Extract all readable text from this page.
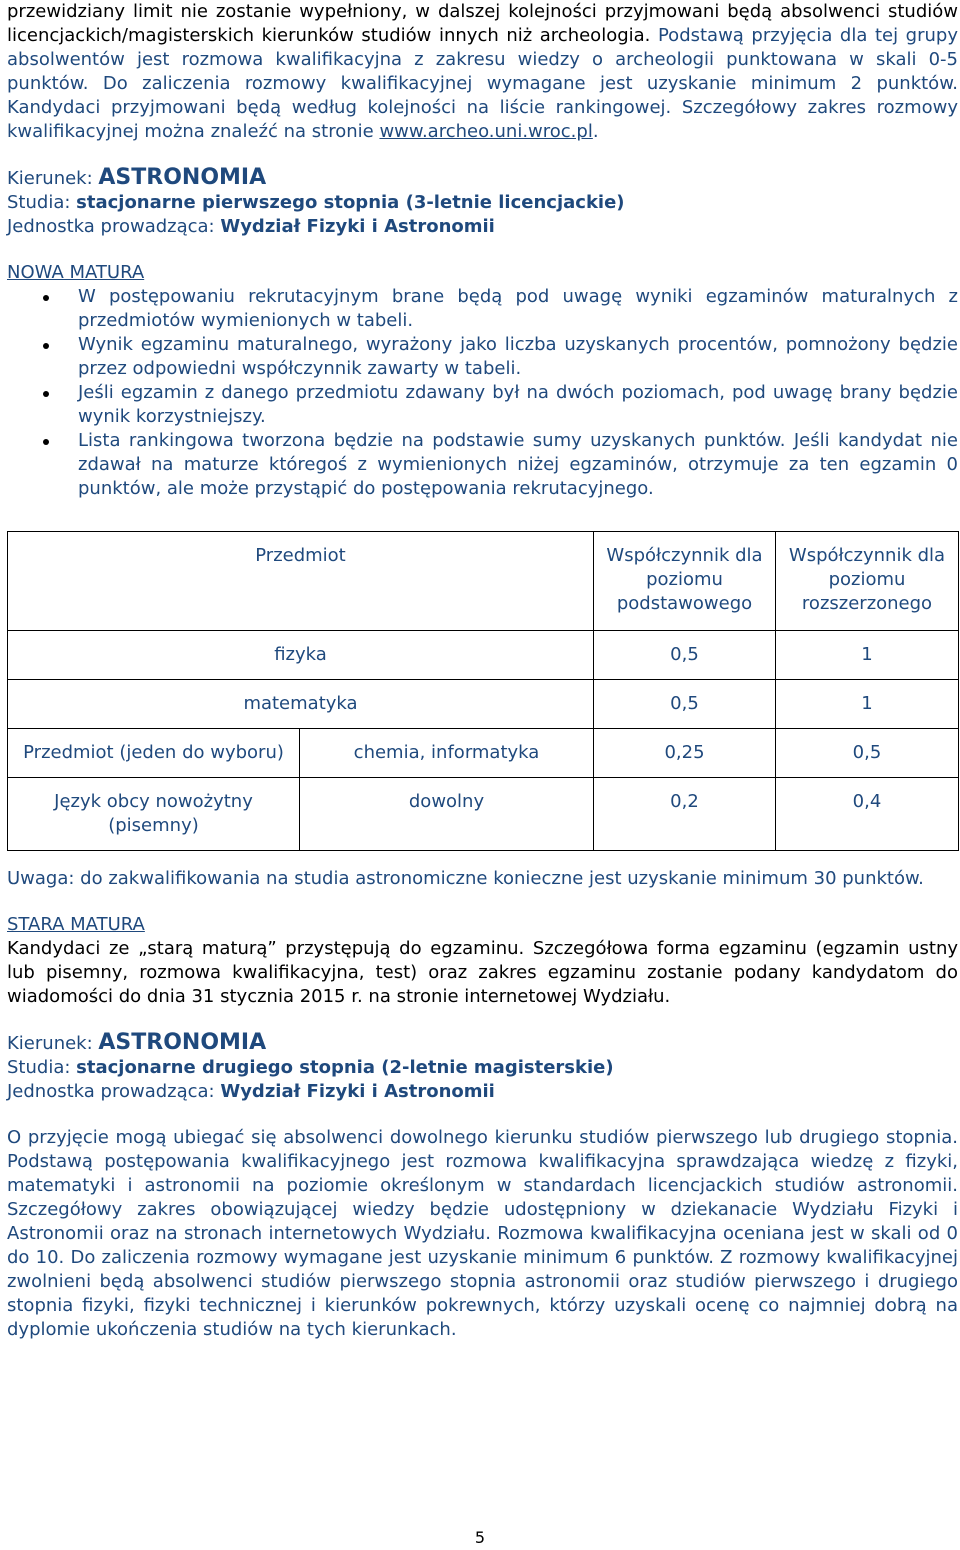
przewidziany limit nie zostanie wypełniony, w dalszej kolejności przyjmowani będą absolwenci studiów licencjackich/magisterskich kierunków studiów innych niż archeologia. Podstawą przyjęcia dla tej grupy absolwentów jest rozmowa kwalifikacyjna z zakresu wiedzy o archeologii punktowana w skali 0-5 punktów. Do zaliczenia rozmowy kwalifikacyjnej wymagane jest uzyskanie minimum 2 punktów. Kandydaci przyjmowani będą według kolejności na liście rankingowej. Szczegółowy zakres rozmowy kwalifikacyjnej można znaleźć na stronie www.archeo.uni.wroc.pl.

Kierunek: ASTRONOMIA
Studia: stacjonarne pierwszego stopnia (3-letnie licencjackie)
Jednostka prowadząca: Wydział Fizyki i Astronomii
NOWA MATURA
W postępowaniu rekrutacyjnym brane będą pod uwagę wyniki egzaminów maturalnych z przedmiotów wymienionych w tabeli.
Wynik egzaminu maturalnego, wyrażony jako liczba uzyskanych procentów, pomnożony będzie przez odpowiedni współczynnik zawarty w tabeli.
Jeśli egzamin z danego przedmiotu zdawany był na dwóch poziomach, pod uwagę brany będzie wynik korzystniejszy.
Lista rankingowa tworzona będzie na podstawie sumy uzyskanych punktów. Jeśli kandydat nie zdawał na maturze któregoś z wymienionych niżej egzaminów, otrzymuje za ten egzamin 0 punktów, ale może przystąpić do postępowania rekrutacyjnego.
Przedmiot		Współczynnik dla poziomu podstawowego	Współczynnik dla poziomu rozszerzonego
fizyka		0,5	1
matematyka		0,5	1
Przedmiot (jeden do wyboru)	chemia, informatyka	0,25	0,5
Język obcy nowożytny (pisemny)	dowolny	0,2	0,4

Uwaga: do zakwalifikowania na studia astronomiczne konieczne jest uzyskanie minimum 30 punktów.

STARA MATURA

Kandydaci ze „starą maturą” przystępują do egzaminu. Szczegółowa forma egzaminu (egzamin ustny lub pisemny, rozmowa kwalifikacyjna, test) oraz zakres egzaminu zostanie podany kandydatom do wiadomości do dnia 31 stycznia 2015 r. na stronie internetowej Wydziału.

Kierunek: ASTRONOMIA
Studia: stacjonarne drugiego stopnia (2-letnie magisterskie)
Jednostka prowadząca: Wydział Fizyki i Astronomii

O przyjęcie mogą ubiegać się absolwenci dowolnego kierunku studiów pierwszego lub drugiego stopnia. Podstawą postępowania kwalifikacyjnego jest rozmowa kwalifikacyjna sprawdzająca wiedzę z fizyki, matematyki i astronomii na poziomie określonym w standardach licencjackich studiów astronomii. Szczegółowy zakres obowiązującej wiedzy będzie udostępniony w dziekanacie Wydziału Fizyki i Astronomii oraz na stronach internetowych Wydziału. Rozmowa kwalifikacyjna oceniana jest w skali od 0 do 10. Do zaliczenia rozmowy wymagane jest uzyskanie minimum 6 punktów. Z rozmowy kwalifikacyjnej zwolnieni będą absolwenci studiów pierwszego stopnia astronomii oraz studiów pierwszego i drugiego stopnia fizyki, fizyki technicznej i kierunków pokrewnych, którzy uzyskali ocenę co najmniej dobrą na dyplomie ukończenia studiów na tych kierunkach.

5
